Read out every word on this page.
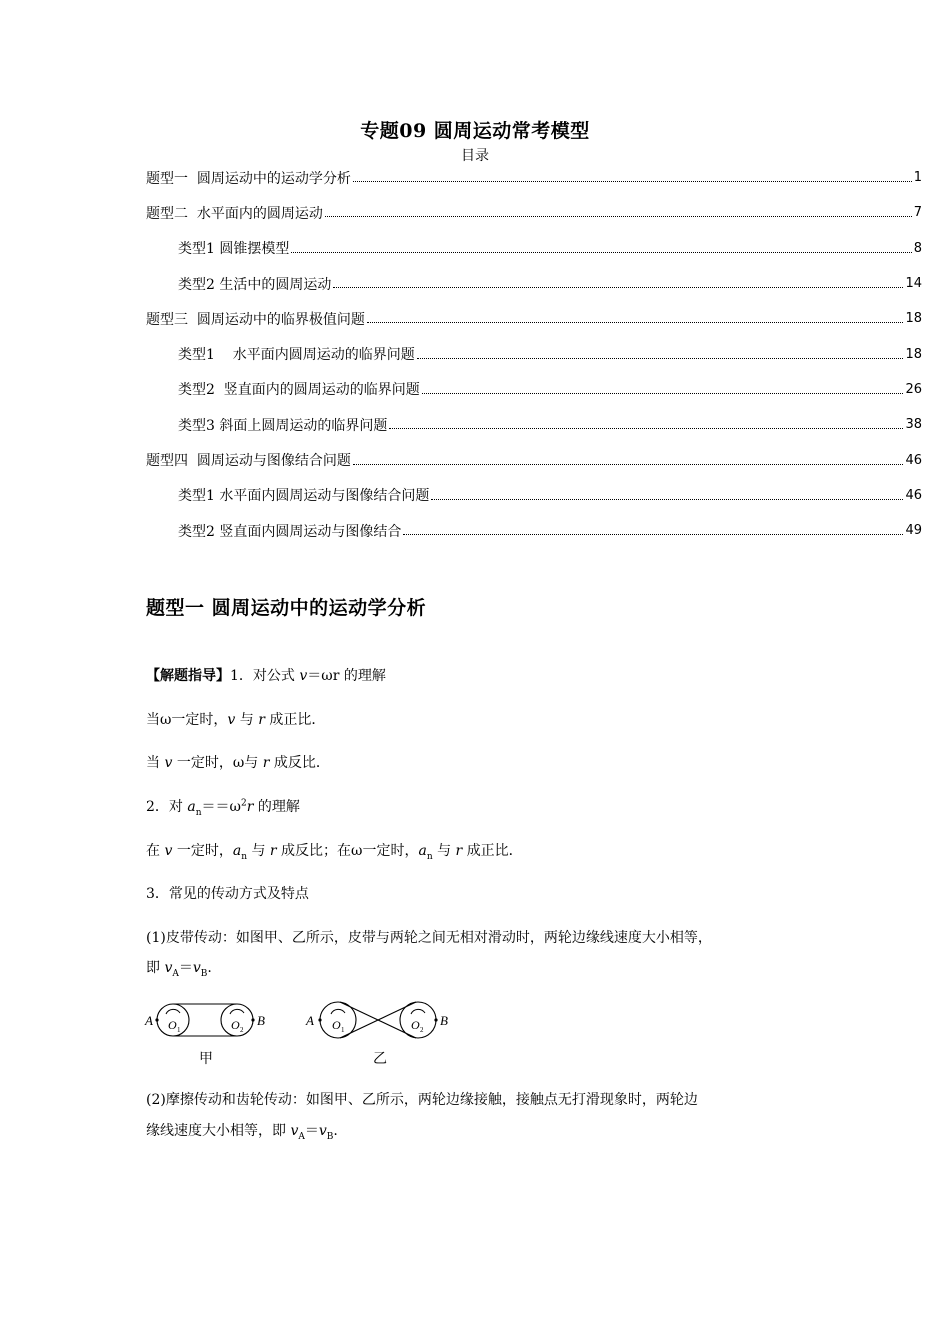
专题09 圆周运动常考模型
目录
题型一  圆周运动中的运动学分析	1
题型二  水平面内的圆周运动	7
类型1 圆锥摆模型	8
类型2 生活中的圆周运动	14
题型三  圆周运动中的临界极值问题	18
类型1    水平面内圆周运动的临界问题	18
类型2  竖直面内的圆周运动的临界问题	26
类型3 斜面上圆周运动的临界问题	38
题型四  圆周运动与图像结合问题	46
类型1 水平面内圆周运动与图像结合问题	46
类型2 竖直面内圆周运动与图像结合	49
题型一 圆周运动中的运动学分析
【解题指导】1．对公式 v＝ωr 的理解
当ω一定时，v 与 r 成正比．
当 v 一定时，ω与 r 成反比．
2．对 $a_n==\omega^2r$ 的理解
在 v 一定时，$a_n$ 与 r 成反比；在ω一定时，$a_n$ 与 r 成正比．
3．常见的传动方式及特点
(1)皮带传动：如图甲、乙所示，皮带与两轮之间无相对滑动时，两轮边缘线速度大小相等，
即 $v_A=v_B$.
A	B
O 1	O 2
甲
A	B
O 1	O 2
乙
(2)摩擦传动和齿轮传动：如图甲、乙所示，两轮边缘接触，接触点无打滑现象时，两轮边
缘线速度大小相等，即 $v_A=v_B$.
